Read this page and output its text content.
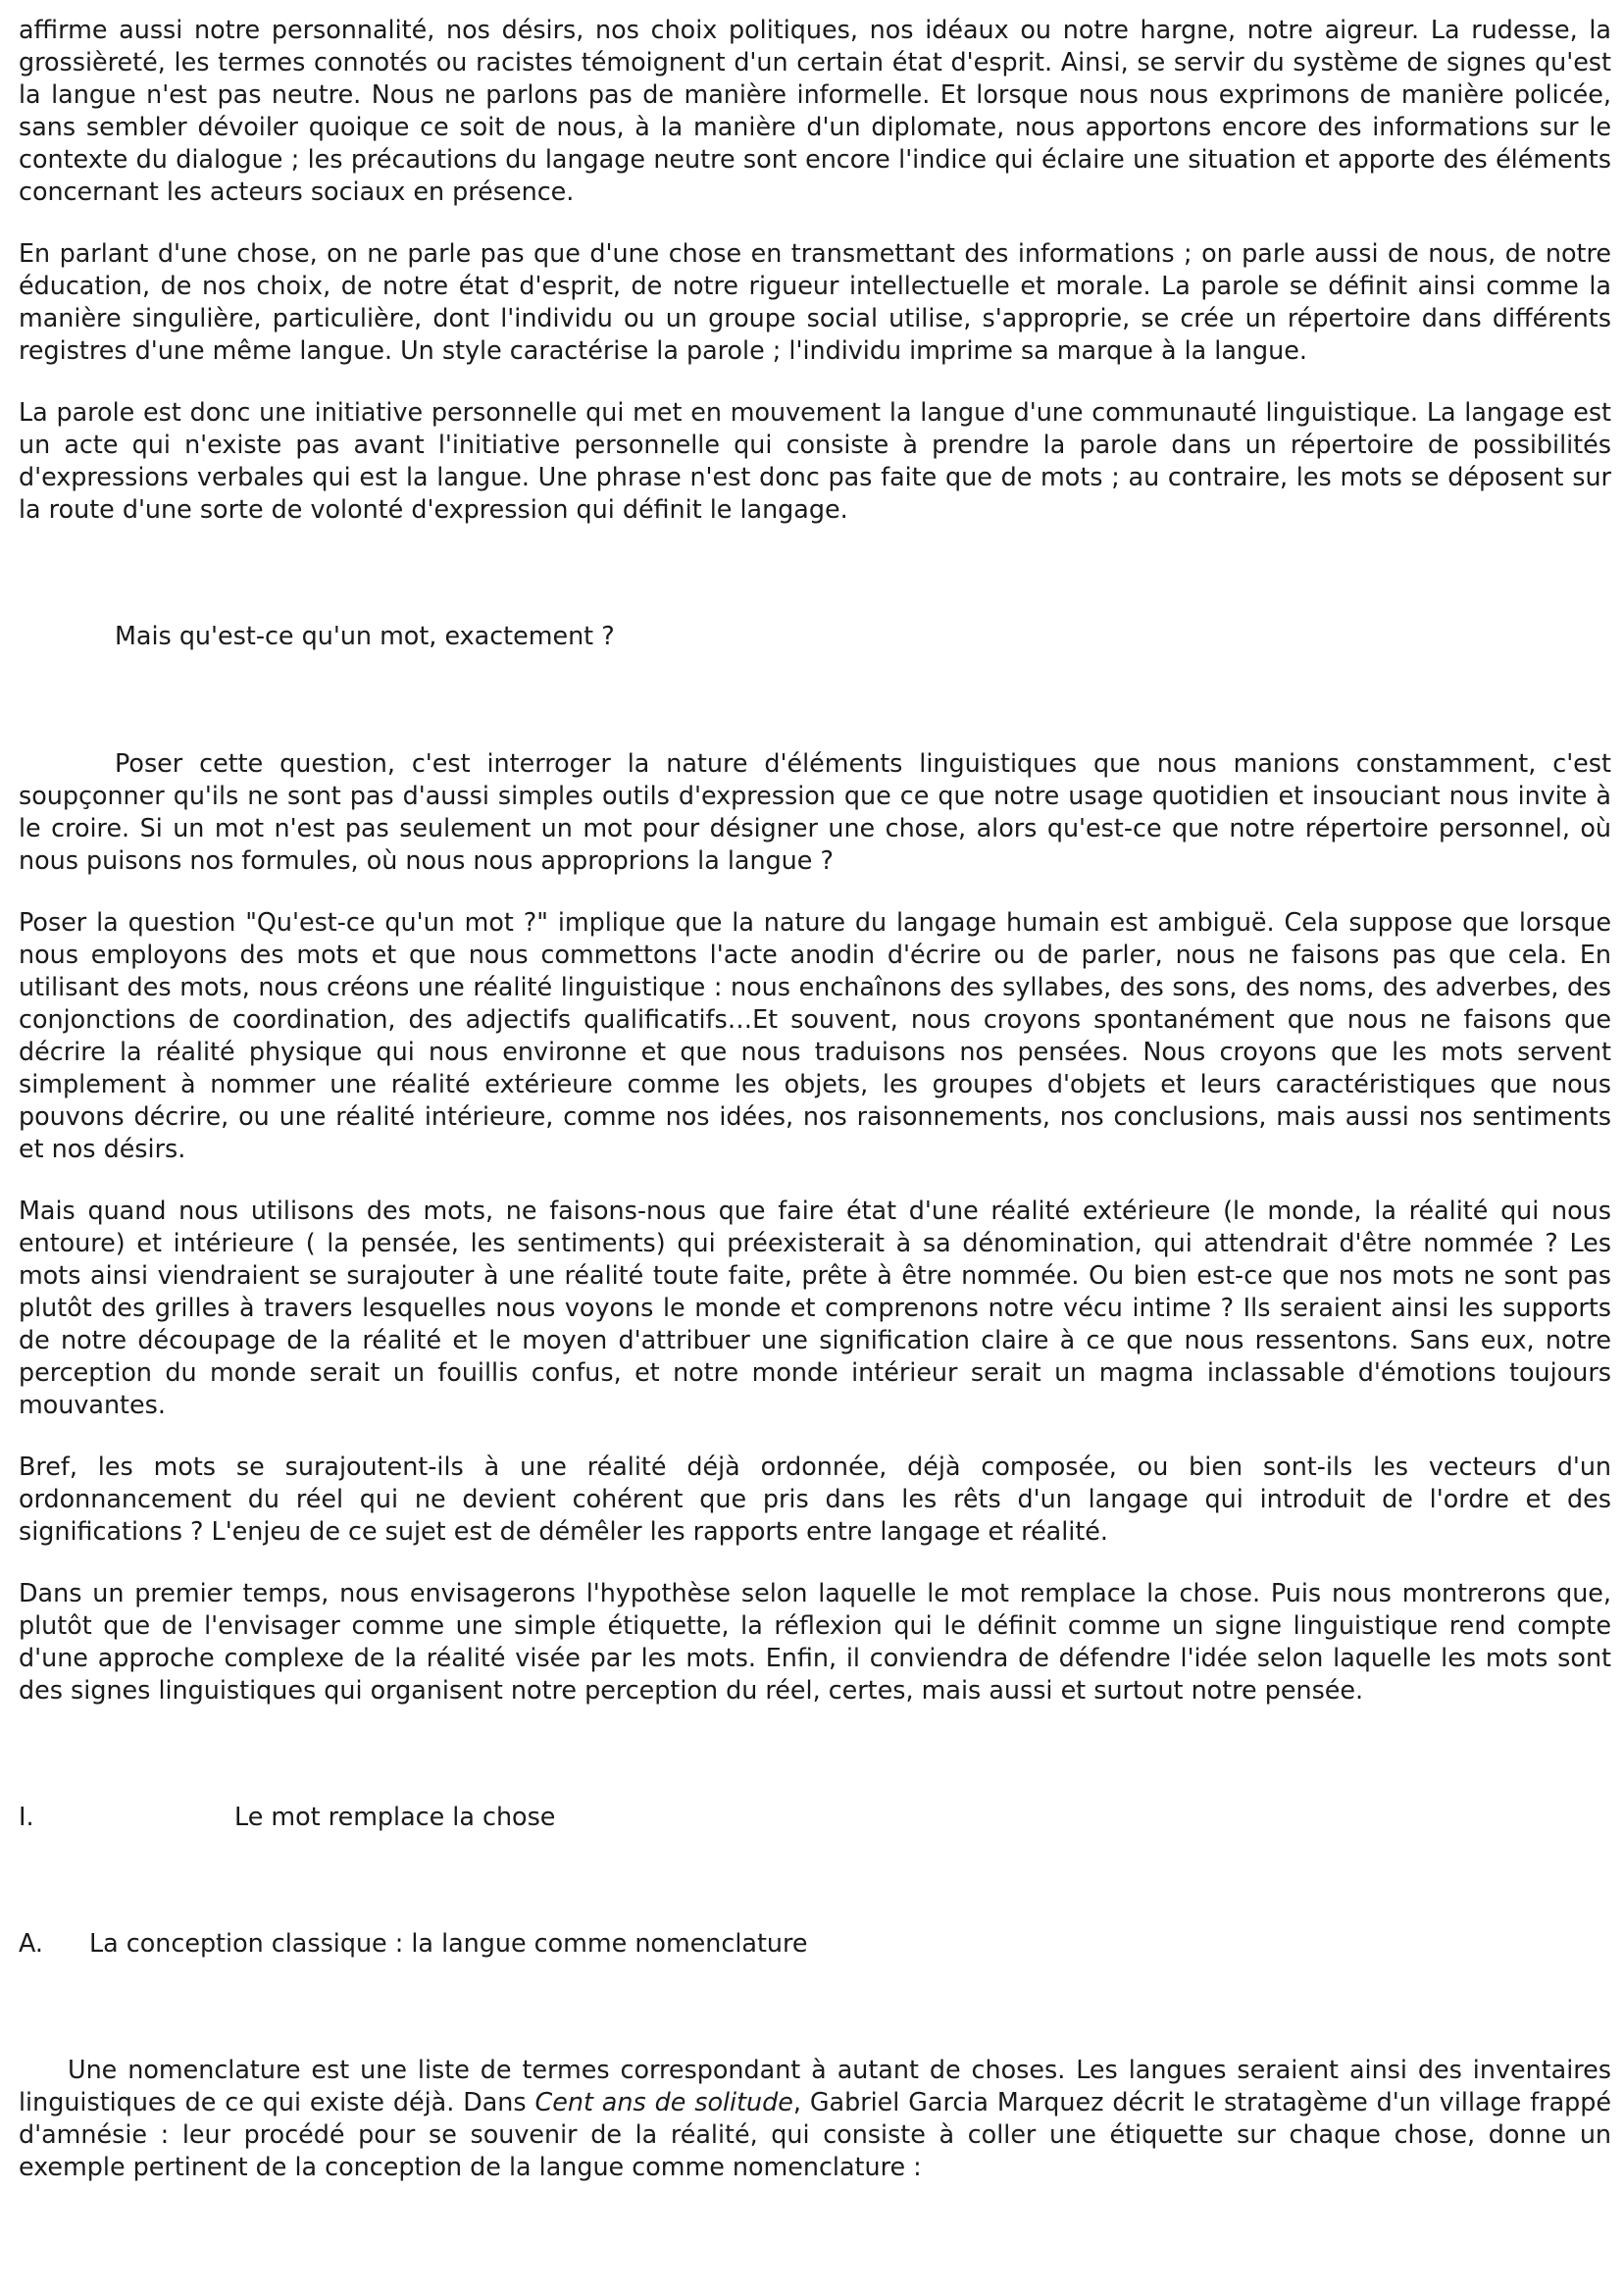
affirme aussi notre personnalité, nos désirs, nos choix politiques, nos idéaux ou notre hargne, notre aigreur. La rudesse, la grossièreté, les termes connotés ou racistes témoignent d'un certain état d'esprit. Ainsi, se servir du système de signes qu'est la langue n'est pas neutre. Nous ne parlons pas de manière informelle. Et lorsque nous nous exprimons de manière policée, sans sembler dévoiler quoique ce soit de nous, à la manière d'un diplomate, nous apportons encore des informations sur le contexte du dialogue ; les précautions du langage neutre sont encore l'indice qui éclaire une situation et apporte des éléments concernant les acteurs sociaux en présence.

En parlant d'une chose, on ne parle pas que d'une chose en transmettant des informations ; on parle aussi de nous, de notre éducation, de nos choix, de notre état d'esprit, de notre rigueur intellectuelle et morale. La parole se définit ainsi comme la manière singulière, particulière, dont l'individu ou un groupe social utilise, s'approprie, se crée un répertoire dans différents registres d'une même langue. Un style caractérise la parole ; l'individu imprime sa marque à la langue.

La parole est donc une initiative personnelle qui met en mouvement la langue d'une communauté linguistique. La langage est un acte qui n'existe pas avant l'initiative personnelle qui consiste à prendre la parole dans un répertoire de possibilités d'expressions verbales qui est la langue. Une phrase n'est donc pas faite que de mots ; au contraire, les mots se déposent sur la route d'une sorte de volonté d'expression qui définit le langage.

Mais qu'est-ce qu'un mot, exactement ?

Poser cette question, c'est interroger la nature d'éléments linguistiques que nous manions constamment, c'est soupçonner qu'ils ne sont pas d'aussi simples outils d'expression que ce que notre usage quotidien et insouciant nous invite à le croire. Si un mot n'est pas seulement un mot pour désigner une chose, alors qu'est-ce que notre répertoire personnel, où nous puisons nos formules, où nous nous approprions la langue ?

Poser la question "Qu'est-ce qu'un mot ?" implique que la nature du langage humain est ambiguë. Cela suppose que lorsque nous employons des mots et que nous commettons l'acte anodin d'écrire ou de parler, nous ne faisons pas que cela. En utilisant des mots, nous créons une réalité linguistique : nous enchaînons des syllabes, des sons, des noms, des adverbes, des conjonctions de coordination, des adjectifs qualificatifs…Et souvent, nous croyons spontanément que nous ne faisons que décrire la réalité physique qui nous environne et que nous traduisons nos pensées. Nous croyons que les mots servent simplement à nommer une réalité extérieure comme les objets, les groupes d'objets et leurs caractéristiques que nous pouvons décrire, ou une réalité intérieure, comme nos idées, nos raisonnements, nos conclusions, mais aussi nos sentiments et nos désirs.

Mais quand nous utilisons des mots, ne faisons-nous que faire état d'une réalité extérieure (le monde, la réalité qui nous entoure) et intérieure ( la pensée, les sentiments) qui préexisterait à sa dénomination, qui attendrait d'être nommée ? Les mots ainsi viendraient se surajouter à une réalité toute faite, prête à être nommée. Ou bien est-ce que nos mots ne sont pas plutôt des grilles à travers lesquelles nous voyons le monde et comprenons notre vécu intime ? Ils seraient ainsi les supports de notre découpage de la réalité et le moyen d'attribuer une signification claire à ce que nous ressentons. Sans eux, notre perception du monde serait un fouillis confus, et notre monde intérieur serait un magma inclassable d'émotions toujours mouvantes.

Bref, les mots se surajoutent-ils à une réalité déjà ordonnée, déjà composée, ou bien sont-ils les vecteurs d'un ordonnancement du réel qui ne devient cohérent que pris dans les rêts d'un langage qui introduit de l'ordre et des significations ? L'enjeu de ce sujet est de démêler les rapports entre langage et réalité.

Dans un premier temps, nous envisagerons l'hypothèse selon laquelle le mot remplace la chose. Puis nous montrerons que, plutôt que de l'envisager comme une simple étiquette, la réflexion qui le définit comme un signe linguistique rend compte d'une approche complexe de la réalité visée par les mots. Enfin, il conviendra de défendre l'idée selon laquelle les mots sont des signes linguistiques qui organisent notre perception du réel, certes, mais aussi et surtout notre pensée.

I.	Le mot remplace la chose
A.	La conception classique : la langue comme nomenclature

Une nomenclature est une liste de termes correspondant à autant de choses. Les langues seraient ainsi des inventaires linguistiques de ce qui existe déjà. Dans Cent ans de solitude, Gabriel Garcia Marquez décrit le stratagème d'un village frappé d'amnésie : leur procédé pour se souvenir de la réalité, qui consiste à coller une étiquette sur chaque chose, donne un exemple pertinent de la conception de la langue comme nomenclature :
